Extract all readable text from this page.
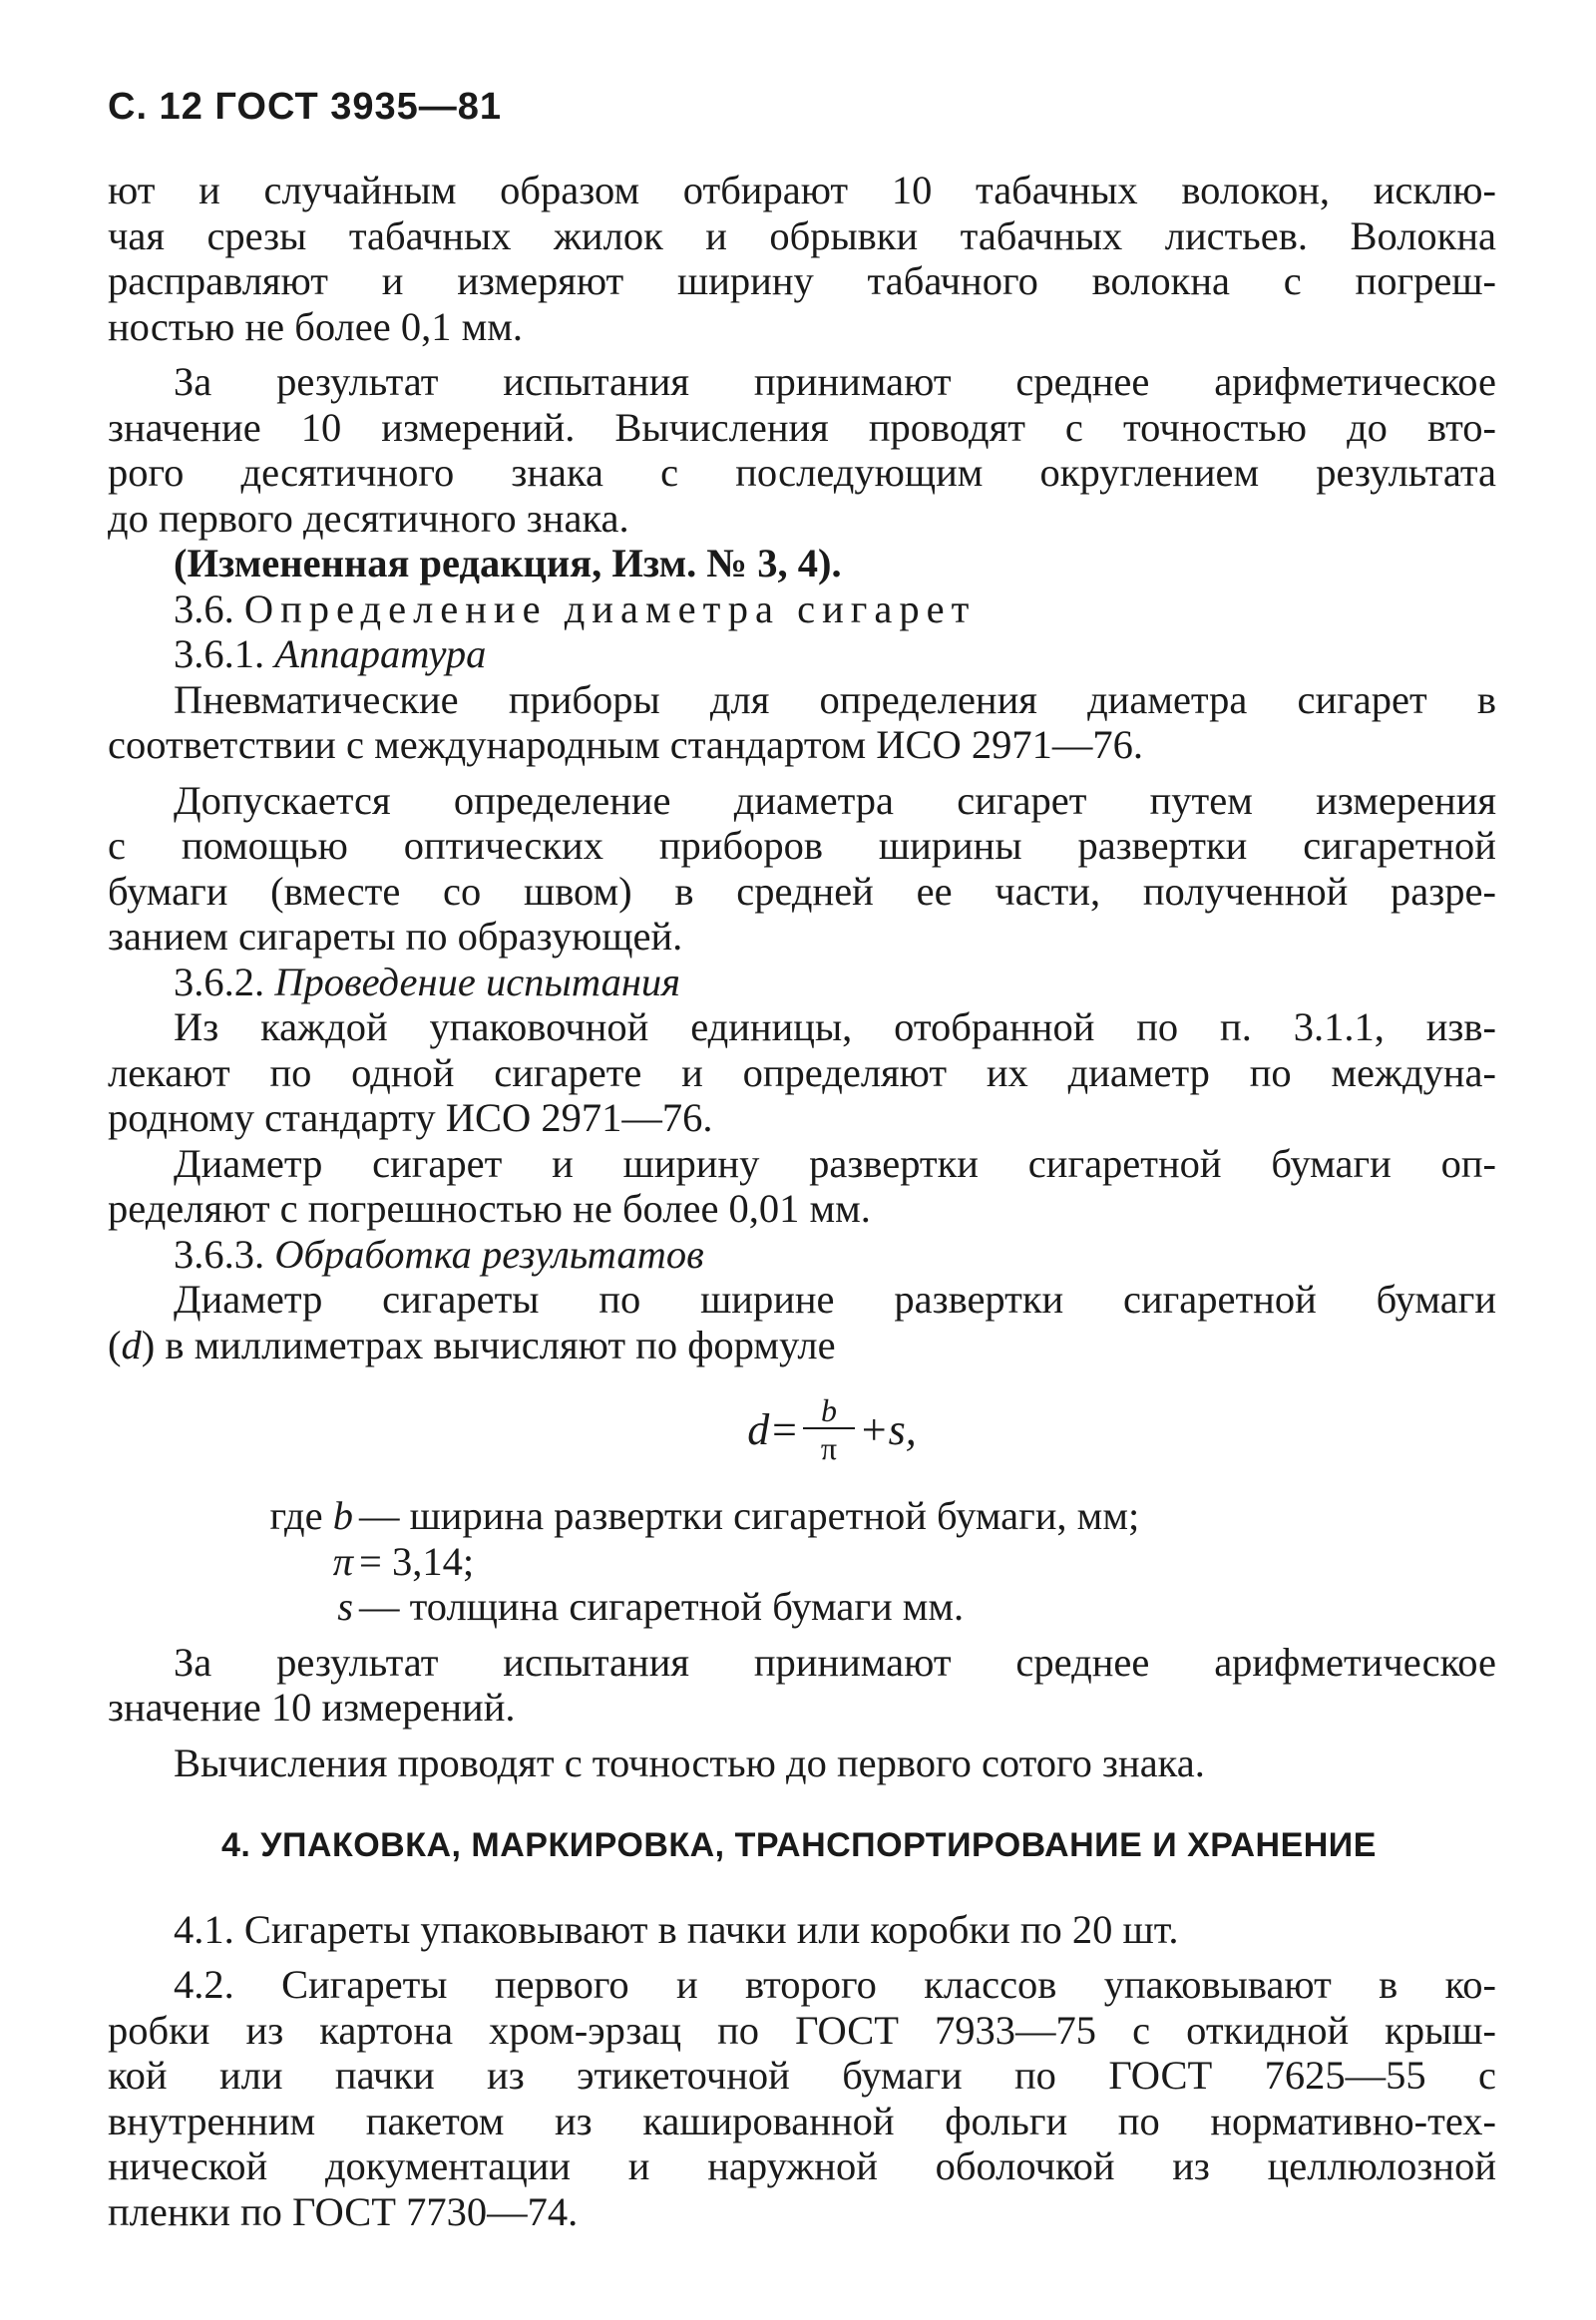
С. 12 ГОСТ 3935—81
ют и случайным образом отбирают 10 табачных волокон, исклю-
чая срезы табачных жилок и обрывки табачных листьев. Волокна
расправляют и измеряют ширину табачного волокна с погреш-
ностью не более 0,1 мм.
За результат испытания принимают среднее арифметическое
значение 10 измерений. Вычисления проводят с точностью до вто-
рого десятичного знака с последующим округлением результата
до первого десятичного знака.
(Измененная редакция, Изм. № 3, 4).
3.6. Определение диаметра сигарет
3.6.1. Аппаратура
Пневматические приборы для определения диаметра сигарет в
соответствии с международным стандартом ИСО 2971—76.
Допускается определение диаметра сигарет путем измерения
с помощью оптических приборов ширины развертки сигаретной
бумаги (вместе со швом) в средней ее части, полученной разре-
занием сигареты по образующей.
3.6.2. Проведение испытания
Из каждой упаковочной единицы, отобранной по п. 3.1.1, изв-
лекают по одной сигарете и определяют их диаметр по междуна-
родному стандарту ИСО 2971—76.
Диаметр сигарет и ширину развертки сигаретной бумаги оп-
ределяют с погрешностью не более 0,01 мм.
3.6.3. Обработка результатов
Диаметр сигареты по ширине развертки сигаретной бумаги
(d) в миллиметрах вычисляют по формуле
$d= \frac{b}{\pi} +s$,
где b — ширина развертки сигаретной бумаги, мм;
π = 3,14;
s — толщина сигаретной бумаги мм.
За результат испытания принимают среднее арифметическое
значение 10 измерений.
Вычисления проводят с точностью до первого сотого знака.
4. УПАКОВКА, МАРКИРОВКА, ТРАНСПОРТИРОВАНИЕ И ХРАНЕНИЕ
4.1. Сигареты упаковывают в пачки или коробки по 20 шт.
4.2. Сигареты первого и второго классов упаковывают в ко-
робки из картона хром-эрзац по ГОСТ 7933—75 с откидной крыш-
кой или пачки из этикеточной бумаги по ГОСТ 7625—55 с
внутренним пакетом из кашированной фольги по нормативно-тех-
нической документации и наружной оболочкой из целлюлозной
пленки по ГОСТ 7730—74.
